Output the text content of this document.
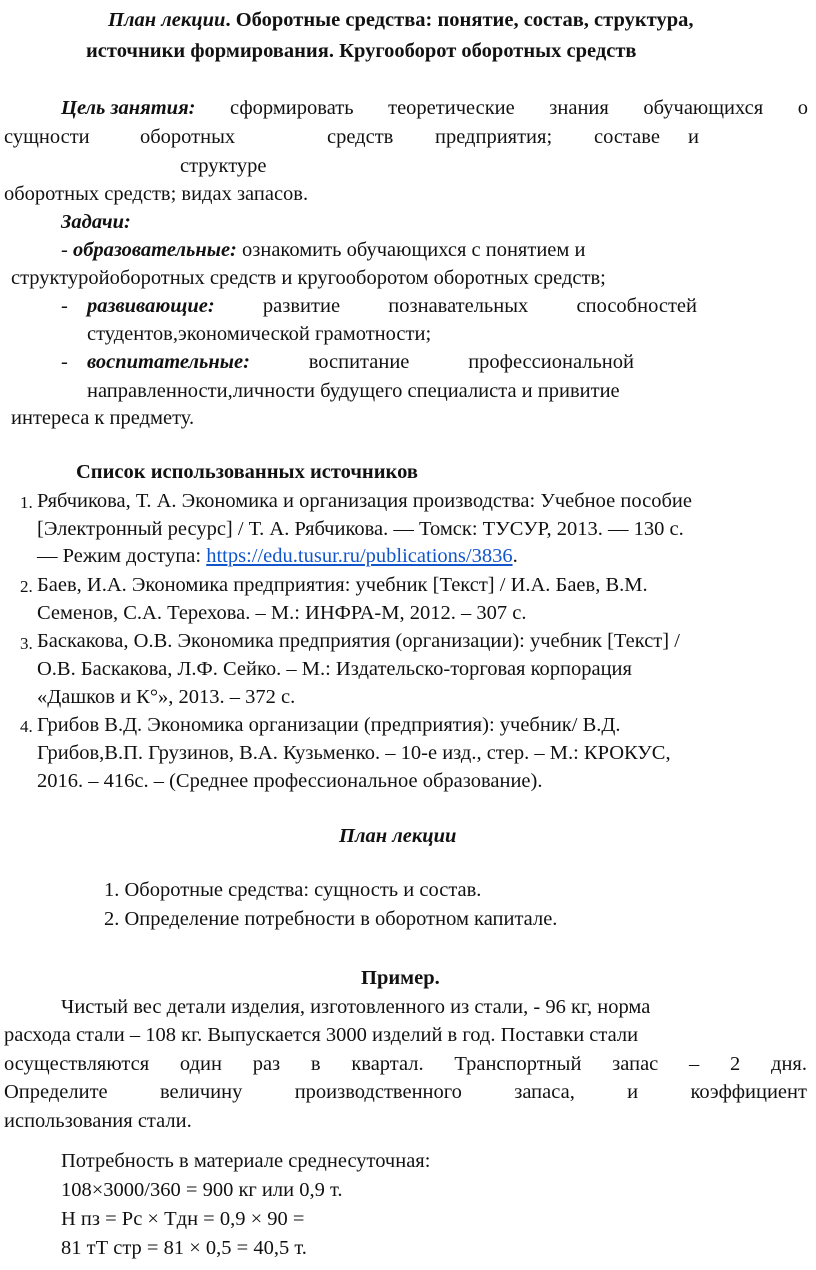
План лекции. Оборотные средства: понятие, состав, структура,
источники формирования. Кругооборот оборотных средств
Цель занятия: сформировать теоретические знания обучающихся о
сущности оборотных	средств предприятия; составе и
структуре
оборотных средств; видах запасов.
Задачи:
- образовательные: ознакомить обучающихся с понятием и
структуройоборотных средств и кругооборотом оборотных средств;
- развивающие: развитие познавательных способностей
студентов,экономической грамотности;
- воспитательные:	воспитание	профессиональной
направленности,личности будущего специалиста и привитие
интереса к предмету.
Список использованных источников
1. Рябчикова, Т. А. Экономика и организация производства: Учебное пособие
[Электронный ресурс] / Т. А. Рябчикова. — Томск: ТУСУР, 2013. — 130 с.
— Режим доступа: https://edu.tusur.ru/publications/3836.
2. Баев, И.А. Экономика предприятия: учебник [Текст] / И.А. Баев, В.М.
Семенов, С.А. Терехова. – М.: ИНФРА-М, 2012. – 307 с.
3. Баскакова, О.В. Экономика предприятия (организации): учебник [Текст] /
О.В. Баскакова, Л.Ф. Сейко. – М.: Издательско-торговая корпорация
«Дашков и К°», 2013. – 372 с.
4. Грибов В.Д. Экономика организации (предприятия): учебник/ В.Д.
Грибов,В.П. Грузинов, В.А. Кузьменко. – 10-е изд., стер. – М.: КРОКУС,
2016. – 416с. – (Среднее профессиональное образование).
План лекции
1. Оборотные средства: сущность и состав.
2. Определение потребности в оборотном капитале.
Пример.
Чистый вес детали изделия, изготовленного из стали, - 96 кг, норма
расхода стали – 108 кг. Выпускается 3000 изделий в год. Поставки стали
осуществляются один раз в квартал. Транспортный запас – 2 дня.
Определите	величину	производственного	запаса,	и	коэффициент
использования стали.
Потребность в материале среднесуточная:
108×3000/360 = 900 кг или 0,9 т.
Н пз = Рс × Тдн = 0,9 × 90 =
81 тТ стр = 81 × 0,5 = 40,5 т.
